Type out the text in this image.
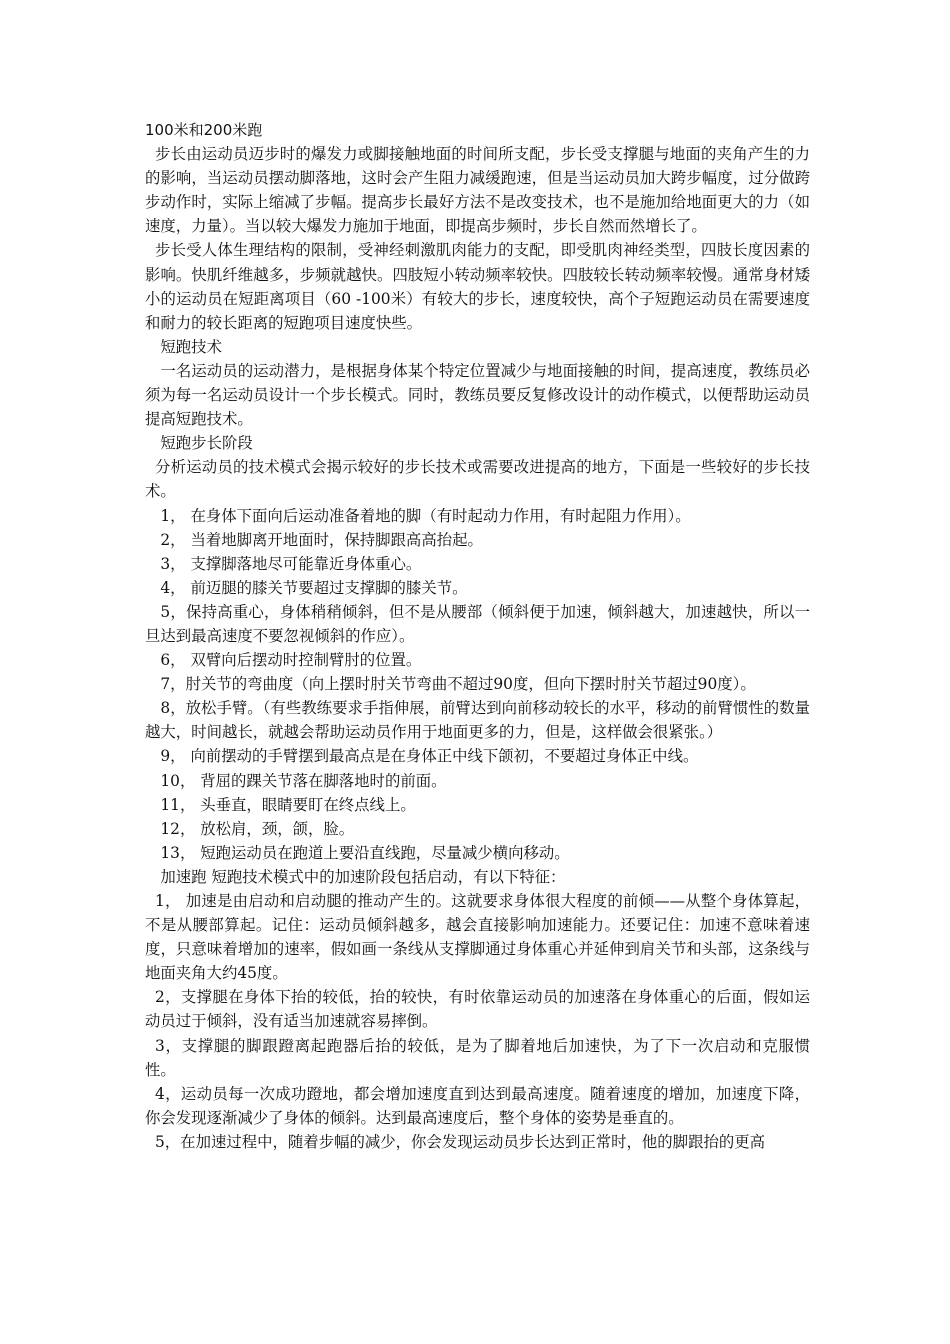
100米和200米跑

步长由运动员迈步时的爆发力或脚接触地面的时间所支配，步长受支撑腿与地面的夹角产生的力的影响，当运动员摆动脚落地，这时会产生阻力减缓跑速，但是当运动员加大跨步幅度，过分做跨步动作时，实际上缩减了步幅。提高步长最好方法不是改变技术，也不是施加给地面更大的力（如速度，力量）。当以较大爆发力施加于地面，即提高步频时，步长自然而然增长了。

步长受人体生理结构的限制，受神经刺激肌肉能力的支配，即受肌肉神经类型，四肢长度因素的影响。快肌纤维越多，步频就越快。四肢短小转动频率较快。四肢较长转动频率较慢。通常身材矮小的运动员在短距离项目（60 -100米）有较大的步长，速度较快，高个子短跑运动员在需要速度和耐力的较长距离的短跑项目速度快些。

短跑技术

一名运动员的运动潜力，是根据身体某个特定位置减少与地面接触的时间，提高速度，教练员必须为每一名运动员设计一个步长模式。同时，教练员要反复修改设计的动作模式，以便帮助运动员提高短跑技术。

短跑步长阶段

分析运动员的技术模式会揭示较好的步长技术或需要改进提高的地方，下面是一些较好的步长技术。

1， 在身体下面向后运动准备着地的脚（有时起动力作用，有时起阻力作用）。

2， 当着地脚离开地面时，保持脚跟高高抬起。

3， 支撑脚落地尽可能靠近身体重心。

4， 前迈腿的膝关节要超过支撑脚的膝关节。

5，保持高重心，身体稍稍倾斜，但不是从腰部（倾斜便于加速，倾斜越大，加速越快，所以一旦达到最高速度不要忽视倾斜的作应）。

6， 双臂向后摆动时控制臂肘的位置。

7，肘关节的弯曲度（向上摆时肘关节弯曲不超过90度，但向下摆时肘关节超过90度）。

8，放松手臂。（有些教练要求手指伸展，前臂达到向前移动较长的水平，移动的前臂惯性的数量越大，时间越长，就越会帮助运动员作用于地面更多的力，但是，这样做会很紧张。）

9， 向前摆动的手臂摆到最高点是在身体正中线下颌初，不要超过身体正中线。

10， 背屈的踝关节落在脚落地时的前面。

11， 头垂直，眼睛要盯在终点线上。

12， 放松肩，颈，颌，脸。

13， 短跑运动员在跑道上要沿直线跑，尽量减少横向移动。

加速跑 短跑技术模式中的加速阶段包括启动，有以下特征：

1， 加速是由启动和启动腿的推动产生的。这就要求身体很大程度的前倾——从整个身体算起，不是从腰部算起。记住：运动员倾斜越多，越会直接影响加速能力。还要记住：加速不意味着速度，只意味着增加的速率，假如画一条线从支撑脚通过身体重心并延伸到肩关节和头部，这条线与地面夹角大约45度。

2，支撑腿在身体下抬的较低，抬的较快，有时依靠运动员的加速落在身体重心的后面，假如运动员过于倾斜，没有适当加速就容易摔倒。

3，支撑腿的脚跟蹬离起跑器后抬的较低，是为了脚着地后加速快，为了下一次启动和克服惯性。

4，运动员每一次成功蹬地，都会增加速度直到达到最高速度。随着速度的增加，加速度下降，你会发现逐渐减少了身体的倾斜。达到最高速度后，整个身体的姿势是垂直的。

5，在加速过程中，随着步幅的减少，你会发现运动员步长达到正常时，他的脚跟抬的更高
